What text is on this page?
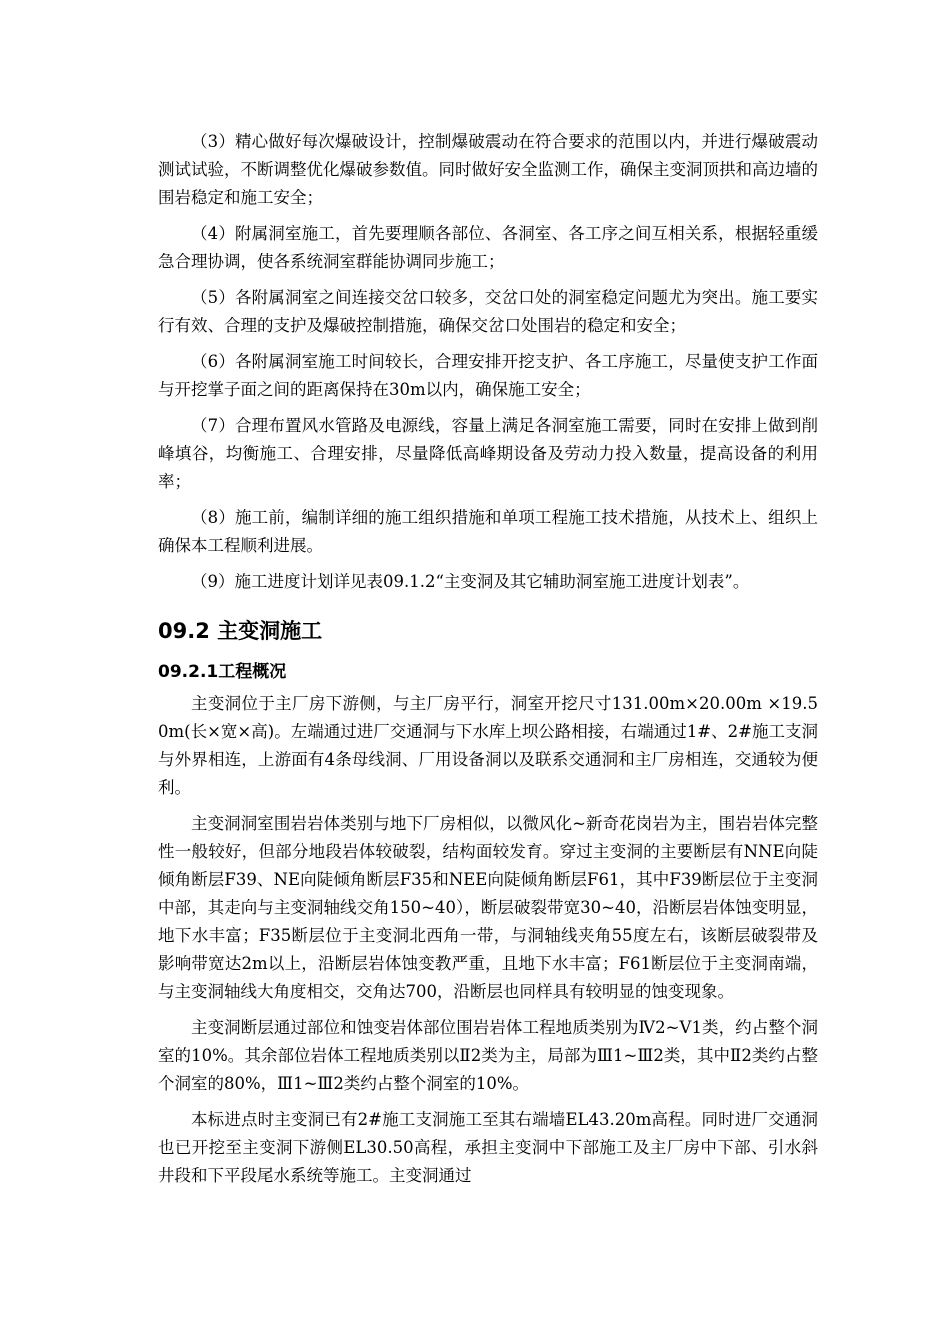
（3）精心做好每次爆破设计，控制爆破震动在符合要求的范围以内，并进行爆破震动测试试验，不断调整优化爆破参数值。同时做好安全监测工作，确保主变洞顶拱和高边墙的围岩稳定和施工安全；

（4）附属洞室施工，首先要理顺各部位、各洞室、各工序之间互相关系，根据轻重缓急合理协调，使各系统洞室群能协调同步施工；

（5）各附属洞室之间连接交岔口较多，交岔口处的洞室稳定问题尤为突出。施工要实行有效、合理的支护及爆破控制措施，确保交岔口处围岩的稳定和安全；

（6）各附属洞室施工时间较长，合理安排开挖支护、各工序施工，尽量使支护工作面与开挖掌子面之间的距离保持在30m以内，确保施工安全；

（7）合理布置风水管路及电源线，容量上满足各洞室施工需要，同时在安排上做到削峰填谷，均衡施工、合理安排，尽量降低高峰期设备及劳动力投入数量，提高设备的利用率；

（8）施工前，编制详细的施工组织措施和单项工程施工技术措施，从技术上、组织上确保本工程顺利进展。

（9）施工进度计划详见表09.1.2“主变洞及其它辅助洞室施工进度计划表”。

09.2 主变洞施工
09.2.1工程概况

主变洞位于主厂房下游侧，与主厂房平行，洞室开挖尺寸131.00m×20.00m ×19.50m(长×宽×高)。左端通过进厂交通洞与下水库上坝公路相接，右端通过1#、2#施工支洞与外界相连，上游面有4条母线洞、厂用设备洞以及联系交通洞和主厂房相连，交通较为便利。

主变洞洞室围岩岩体类别与地下厂房相似，以微风化~新奇花岗岩为主，围岩岩体完整性一般较好，但部分地段岩体较破裂，结构面较发育。穿过主变洞的主要断层有NNE向陡倾角断层F39、NE向陡倾角断层F35和NEE向陡倾角断层F61，其中F39断层位于主变洞中部，其走向与主变洞轴线交角150~40），断层破裂带宽30~40，沿断层岩体蚀变明显，地下水丰富；F35断层位于主变洞北西角一带，与洞轴线夹角55度左右，该断层破裂带及影响带宽达2m以上，沿断层岩体蚀变教严重，且地下水丰富；F61断层位于主变洞南端，与主变洞轴线大角度相交，交角达700，沿断层也同样具有较明显的蚀变现象。

主变洞断层通过部位和蚀变岩体部位围岩岩体工程地质类别为Ⅳ2~Ⅴ1类，约占整个洞室的10%。其余部位岩体工程地质类别以Ⅱ2类为主，局部为Ⅲ1~Ⅲ2类，其中Ⅱ2类约占整个洞室的80%，Ⅲ1~Ⅲ2类约占整个洞室的10%。

本标进点时主变洞已有2#施工支洞施工至其右端墙EL43.20m高程。同时进厂交通洞也已开挖至主变洞下游侧EL30.50高程，承担主变洞中下部施工及主厂房中下部、引水斜井段和下平段尾水系统等施工。主变洞通过
